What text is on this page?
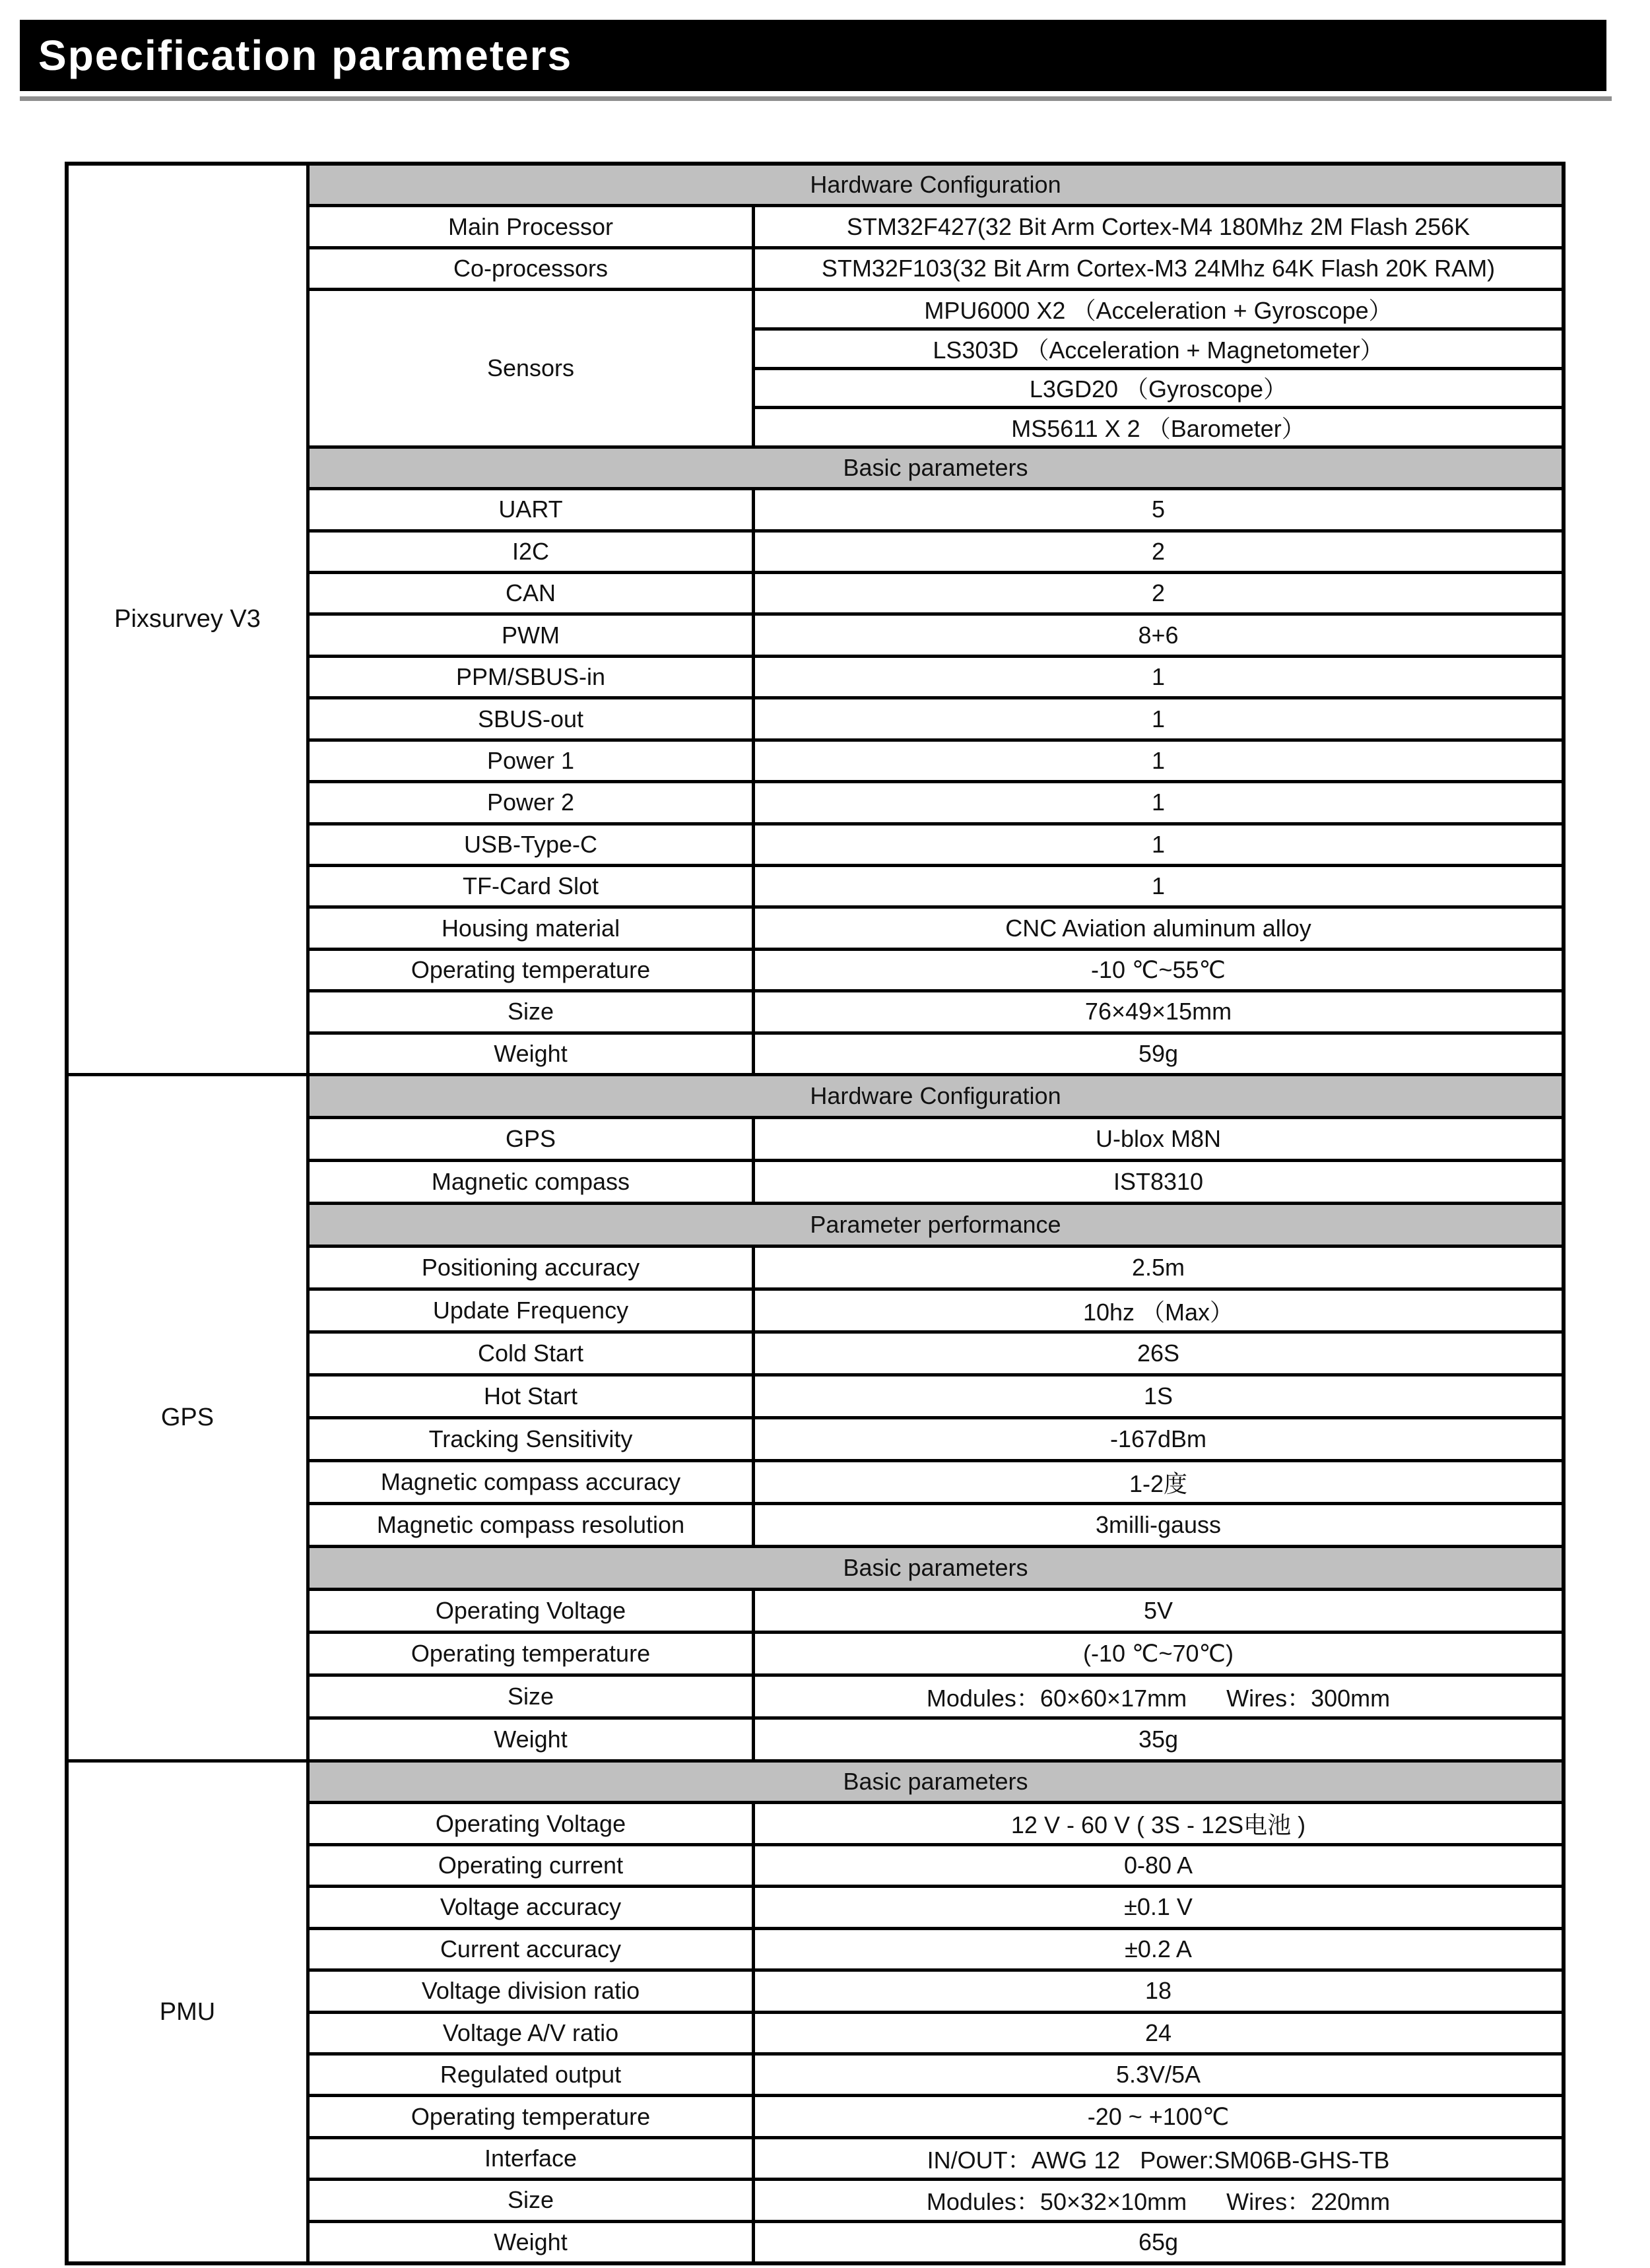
Specification parameters
Pixsurvey V3
Hardware Configuration
Main Processor	STM32F427(32 Bit Arm Cortex-M4 180Mhz 2M Flash 256K
Co-processors	STM32F103(32 Bit Arm Cortex-M3 24Mhz 64K Flash 20K RAM)
Sensors
MPU6000 X2 （Acceleration + Gyroscope）
LS303D （Acceleration + Magnetometer）
L3GD20 （Gyroscope）
MS5611 X 2 （Barometer）
Basic parameters
UART	5
I2C	2
CAN	2
PWM	8+6
PPM/SBUS-in	1
SBUS-out	1
Power 1	1
Power 2	1
USB-Type-C	1
TF-Card Slot	1
Housing material	CNC Aviation aluminum alloy
Operating temperature	-10 ℃~55℃
Size	76×49×15mm
Weight	59g
GPS
Hardware Configuration
GPS	U-blox M8N
Magnetic compass	IST8310
Parameter performance
Positioning accuracy	2.5m
Update Frequency	10hz （Max）
Cold Start	26S
Hot Start	1S
Tracking Sensitivity	-167dBm
Magnetic compass accuracy	1-2度
Magnetic compass resolution	3milli-gauss
Basic parameters
Operating Voltage	5V
Operating temperature	(-10 ℃~70℃)
Size	Modules：60×60×17mm      Wires：300mm
Weight	35g
PMU
Basic parameters
Operating Voltage	12 V - 60 V ( 3S - 12S电池 )
Operating current	0-80 A
Voltage accuracy	±0.1 V
Current accuracy	±0.2 A
Voltage division ratio	18
Voltage A/V ratio	24
Regulated output	5.3V/5A
Operating temperature	-20 ~ +100℃
Interface	IN/OUT：AWG 12   Power:SM06B-GHS-TB
Size	Modules：50×32×10mm      Wires：220mm
Weight	65g
